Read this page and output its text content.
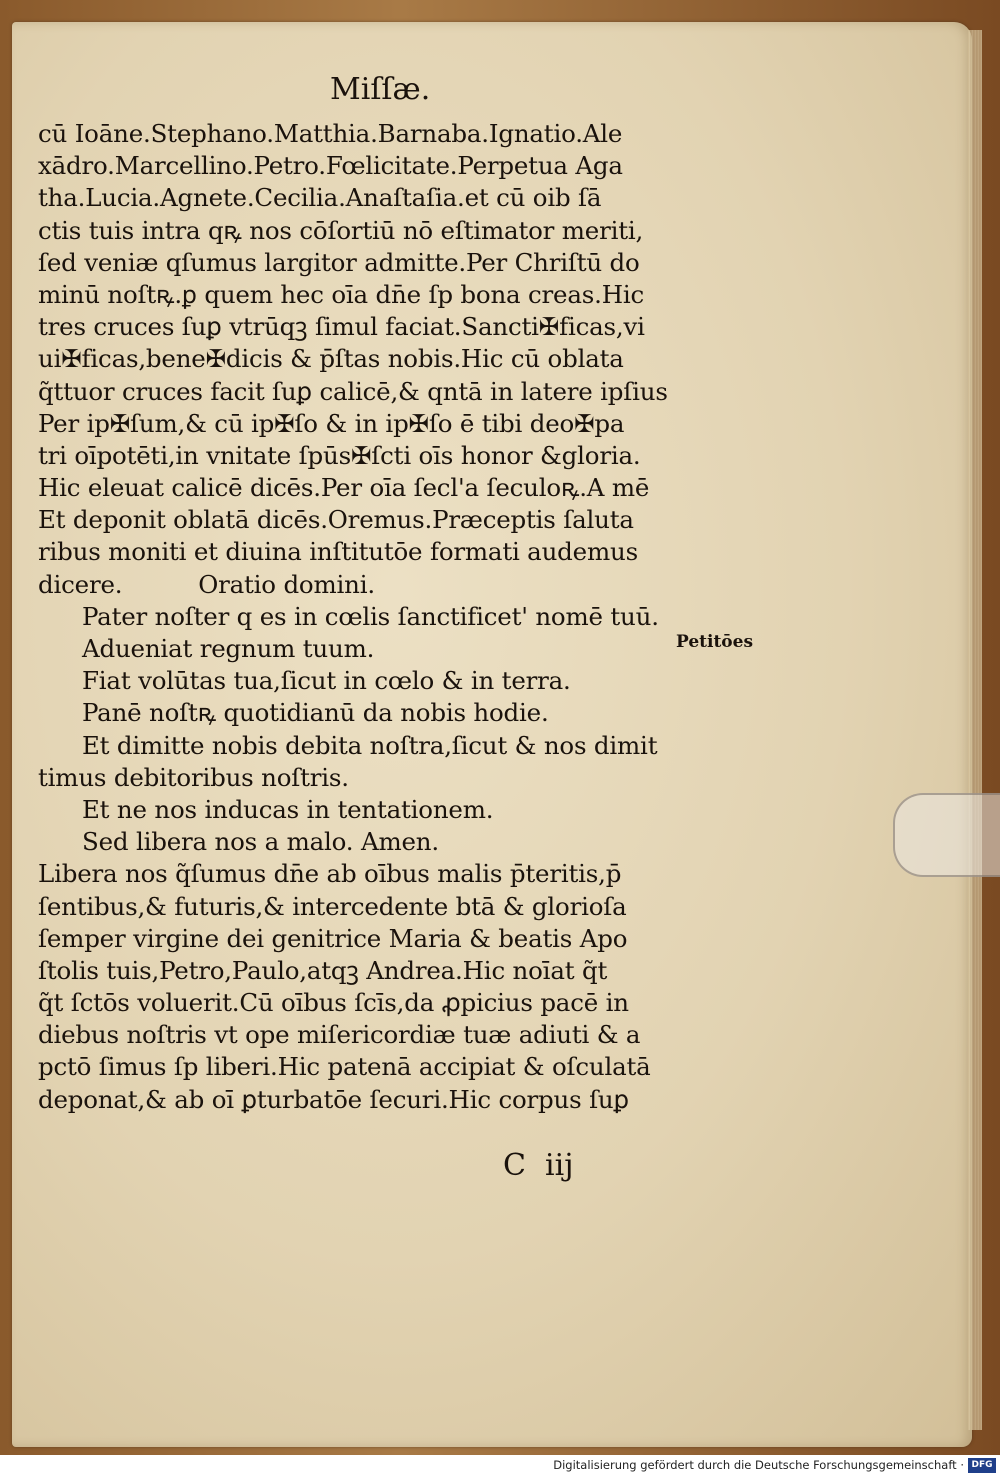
Miſſæ.
cū Ioāne.Stephano.Matthia.Barnaba.Ignatio.Ale
xādro.Marcellino.Petro.Fœlicitate.Perpetua Aga
tha.Lucia.Agnete.Cecilia.Anaſtaſia.et cū oib ſā
ctis tuis intra qꝶ nos cōſortiū nō eſtimator meriti,
ſed veniæ qſumus largitor admitte.Per Chriſtū do
minū noſtꝶ.ꝑ quem hec oīa dn̄e ſp bona creas.Hic
tres cruces ſuꝑ vtrūqꝫ ſimul faciat.Sancti✠ficas,vi
ui✠ficas,bene✠dicis & p̄ſtas nobis.Hic cū oblata
q̃ttuor cruces facit ſuꝑ calicē,& qntā in latere ipſius
Per ip✠ſum,& cū ip✠ſo & in ip✠ſo ē tibi deo✠pa
tri oīpotēti,in vnitate ſpūs✠ſcti oīs honor &gloria.
Hic eleuat calicē dicēs.Per oīa ſecl'a ſeculoꝶ.A mē
Et deponit oblatā dicēs.Oremus.Præceptis ſaluta
ribus moniti et diuina inſtitutōe formati audemus
dicere.          Oratio domini.
Pater noſter q es in cœlis ſanctificet' nomē tuū.
Adueniat regnum tuum.
Fiat volūtas tua,ſicut in cœlo & in terra.
Panē noſtꝶ quotidianū da nobis hodie.
Et dimitte nobis debita noſtra,ſicut & nos dimit
timus debitoribus noſtris.
Et ne nos inducas in tentationem.
Sed libera nos a malo. Amen.
Libera nos q̃ſumus dn̄e ab oībus malis p̄teritis,p̄
ſentibus,& futuris,& intercedente btā & glorioſa
ſemper virgine dei genitrice Maria & beatis Apo
ſtolis tuis,Petro,Paulo,atqꝫ Andrea.Hic noīat q̃t
q̃t ſctōs voluerit.Cū oībus ſcīs,da ꝓpicius pacē in
diebus noſtris vt ope miſericordiæ tuæ adiuti & a
pctō ſimus ſp liberi.Hic patenā accipiat & oſculatā
deponat,& ab oī ꝑturbatōe ſecuri.Hic corpus ſuꝑ
Petitōes
C  iij
Digitalisierung gefördert durch die Deutsche Forschungsgemeinschaft · DFG
